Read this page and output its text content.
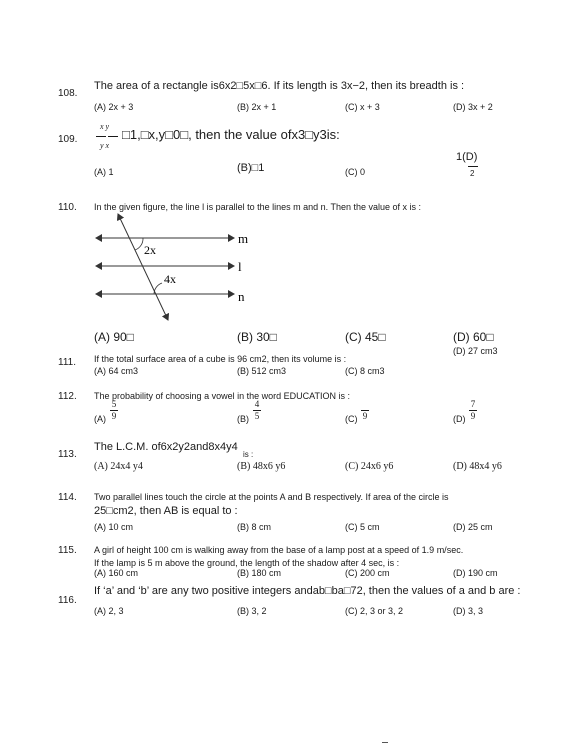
108.
The area of a rectangle is6x2□5x□6. If its length is 3x−2, then its breadth is :
(A) 2x + 3	(B) 2x + 1	(C) x + 3	(D) 3x + 2
109.
x y
y x
□1,□x,y□0□, then the value ofx3□y3is:
(A) 1	(B)□1	(C) 0
1(D)
2
110. In the given figure, the line l is parallel to the lines m and n. Then the value of x is :
m
l
n
2x
4x
(A) 90□	(B) 30□	(C) 45□	(D) 60□
111. If the total surface area of a cube is 96 cm2, then its volume is :
(A) 64 cm3	(B) 512 cm3	(C) 8 cm3
(D) 27 cm3
112. The probability of choosing a vowel in the word EDUCATION is :
(A)
5
9	(B)
4
5	(C)
9	(D)
7
9
113.
The L.C.M. of6x2y2and8x4y4
is :
(A) 24x4 y4	(B) 48x6 y6	(C) 24x6 y6	(D) 48x4 y6
114. Two parallel lines touch the circle at the points A and B respectively. If area of the circle is
25□cm2, then AB is equal to :
(A) 10 cm	(B) 8 cm	(C) 5 cm	(D) 25 cm
115. A girl of height 100 cm is walking away from the base of a lamp post at a speed of 1.9 m/sec.
If the lamp is 5 m above the ground, the length of the shadow after 4 sec, is :
(A) 160 cm	(B) 180 cm	(C) 200 cm	(D) 190 cm
116.
If ‘a’ and ‘b’ are any two positive integers andab□ba□72, then the values of a and b are :
(A) 2, 3	(B) 3, 2	(C) 2, 3 or 3, 2	(D) 3, 3
